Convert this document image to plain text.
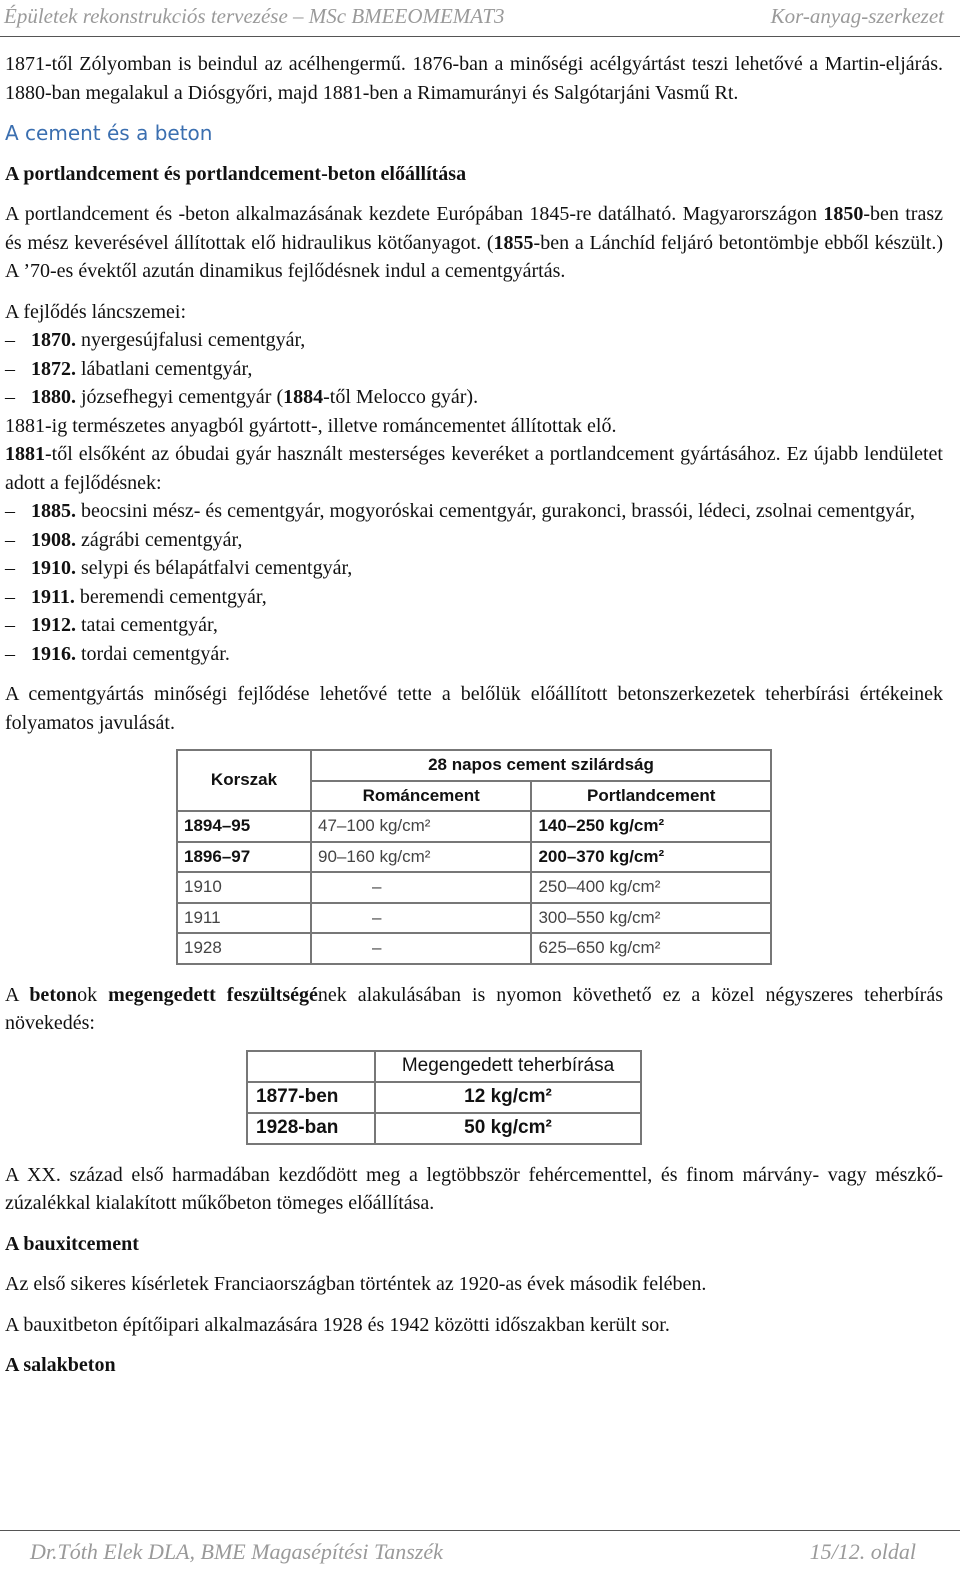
Épületek rekonstrukciós tervezése – MSc BMEEOMEMAT3	Kor-anyag-szerkezet

1871-től Zólyomban is beindul az acélhengermű. 1876-ban a minőségi acélgyártást teszi lehetővé a Martin-eljárás. 1880-ban megalakul a Diósgyőri, majd 1881-ben a Rimamurányi és Salgótarjáni Vasmű Rt.

A cement és a beton
A portlandcement és portlandcement-beton előállítása

A portlandcement és -beton alkalmazásának kezdete Európában 1845-re datálható. Magyarországon 1850-ben trasz és mész keverésével állítottak elő hidraulikus kötőanyagot. (1855-ben a Lánchíd feljáró betontömbje ebből készült.) A ’70-es évektől azután dinamikus fejlődésnek indul a cementgyártás.

A fejlődés láncszemei:
– 1870. nyergesújfalusi cementgyár,
– 1872. lábatlani cementgyár,
– 1880. józsefhegyi cementgyár (1884-től Melocco gyár).
1881-ig természetes anyagból gyártott-, illetve románcementet állítottak elő.
1881-től elsőként az óbudai gyár használt mesterséges keveréket a portlandcement gyártásához. Ez újabb lendületet adott a fejlődésnek:
– 1885. beocsini mész- és cementgyár, mogyoróskai cementgyár, gurakonci, brassói, lédeci, zsolnai cementgyár,
– 1908. zágrábi cementgyár,
– 1910. selypi és bélapátfalvi cementgyár,
– 1911. beremendi cementgyár,
– 1912. tatai cementgyár,
– 1916. tordai cementgyár.

A cementgyártás minőségi fejlődése lehetővé tette a belőlük előállított betonszerkezetek teherbírási értékeinek folyamatos javulását.

Korszak	28 napos cement szilárdság	
	Románcement	Portlandcement
1894–95	47–100 kg/cm²	140–250 kg/cm²
1896–97	90–160 kg/cm²	200–370 kg/cm²
1910	–	250–400 kg/cm²
1911	–	300–550 kg/cm²
1928	–	625–650 kg/cm²

A betonok megengedett feszültségének alakulásában is nyomon követhető ez a közel négyszeres teherbírás növekedés:

	Megengedett teherbírása
1877-ben	12 kg/cm²
1928-ban	50 kg/cm²

A XX. század első harmadában kezdődött meg a legtöbbször fehércementtel, és finom márvány- vagy mészkő-zúzalékkal kialakított műkőbeton tömeges előállítása.

A bauxitcement

Az első sikeres kísérletek Franciaországban történtek az 1920-as évek második felében.

A bauxitbeton építőipari alkalmazására 1928 és 1942 közötti időszakban került sor.

A salakbeton
Dr.Tóth Elek DLA, BME Magasépítési Tanszék	15/12. oldal
